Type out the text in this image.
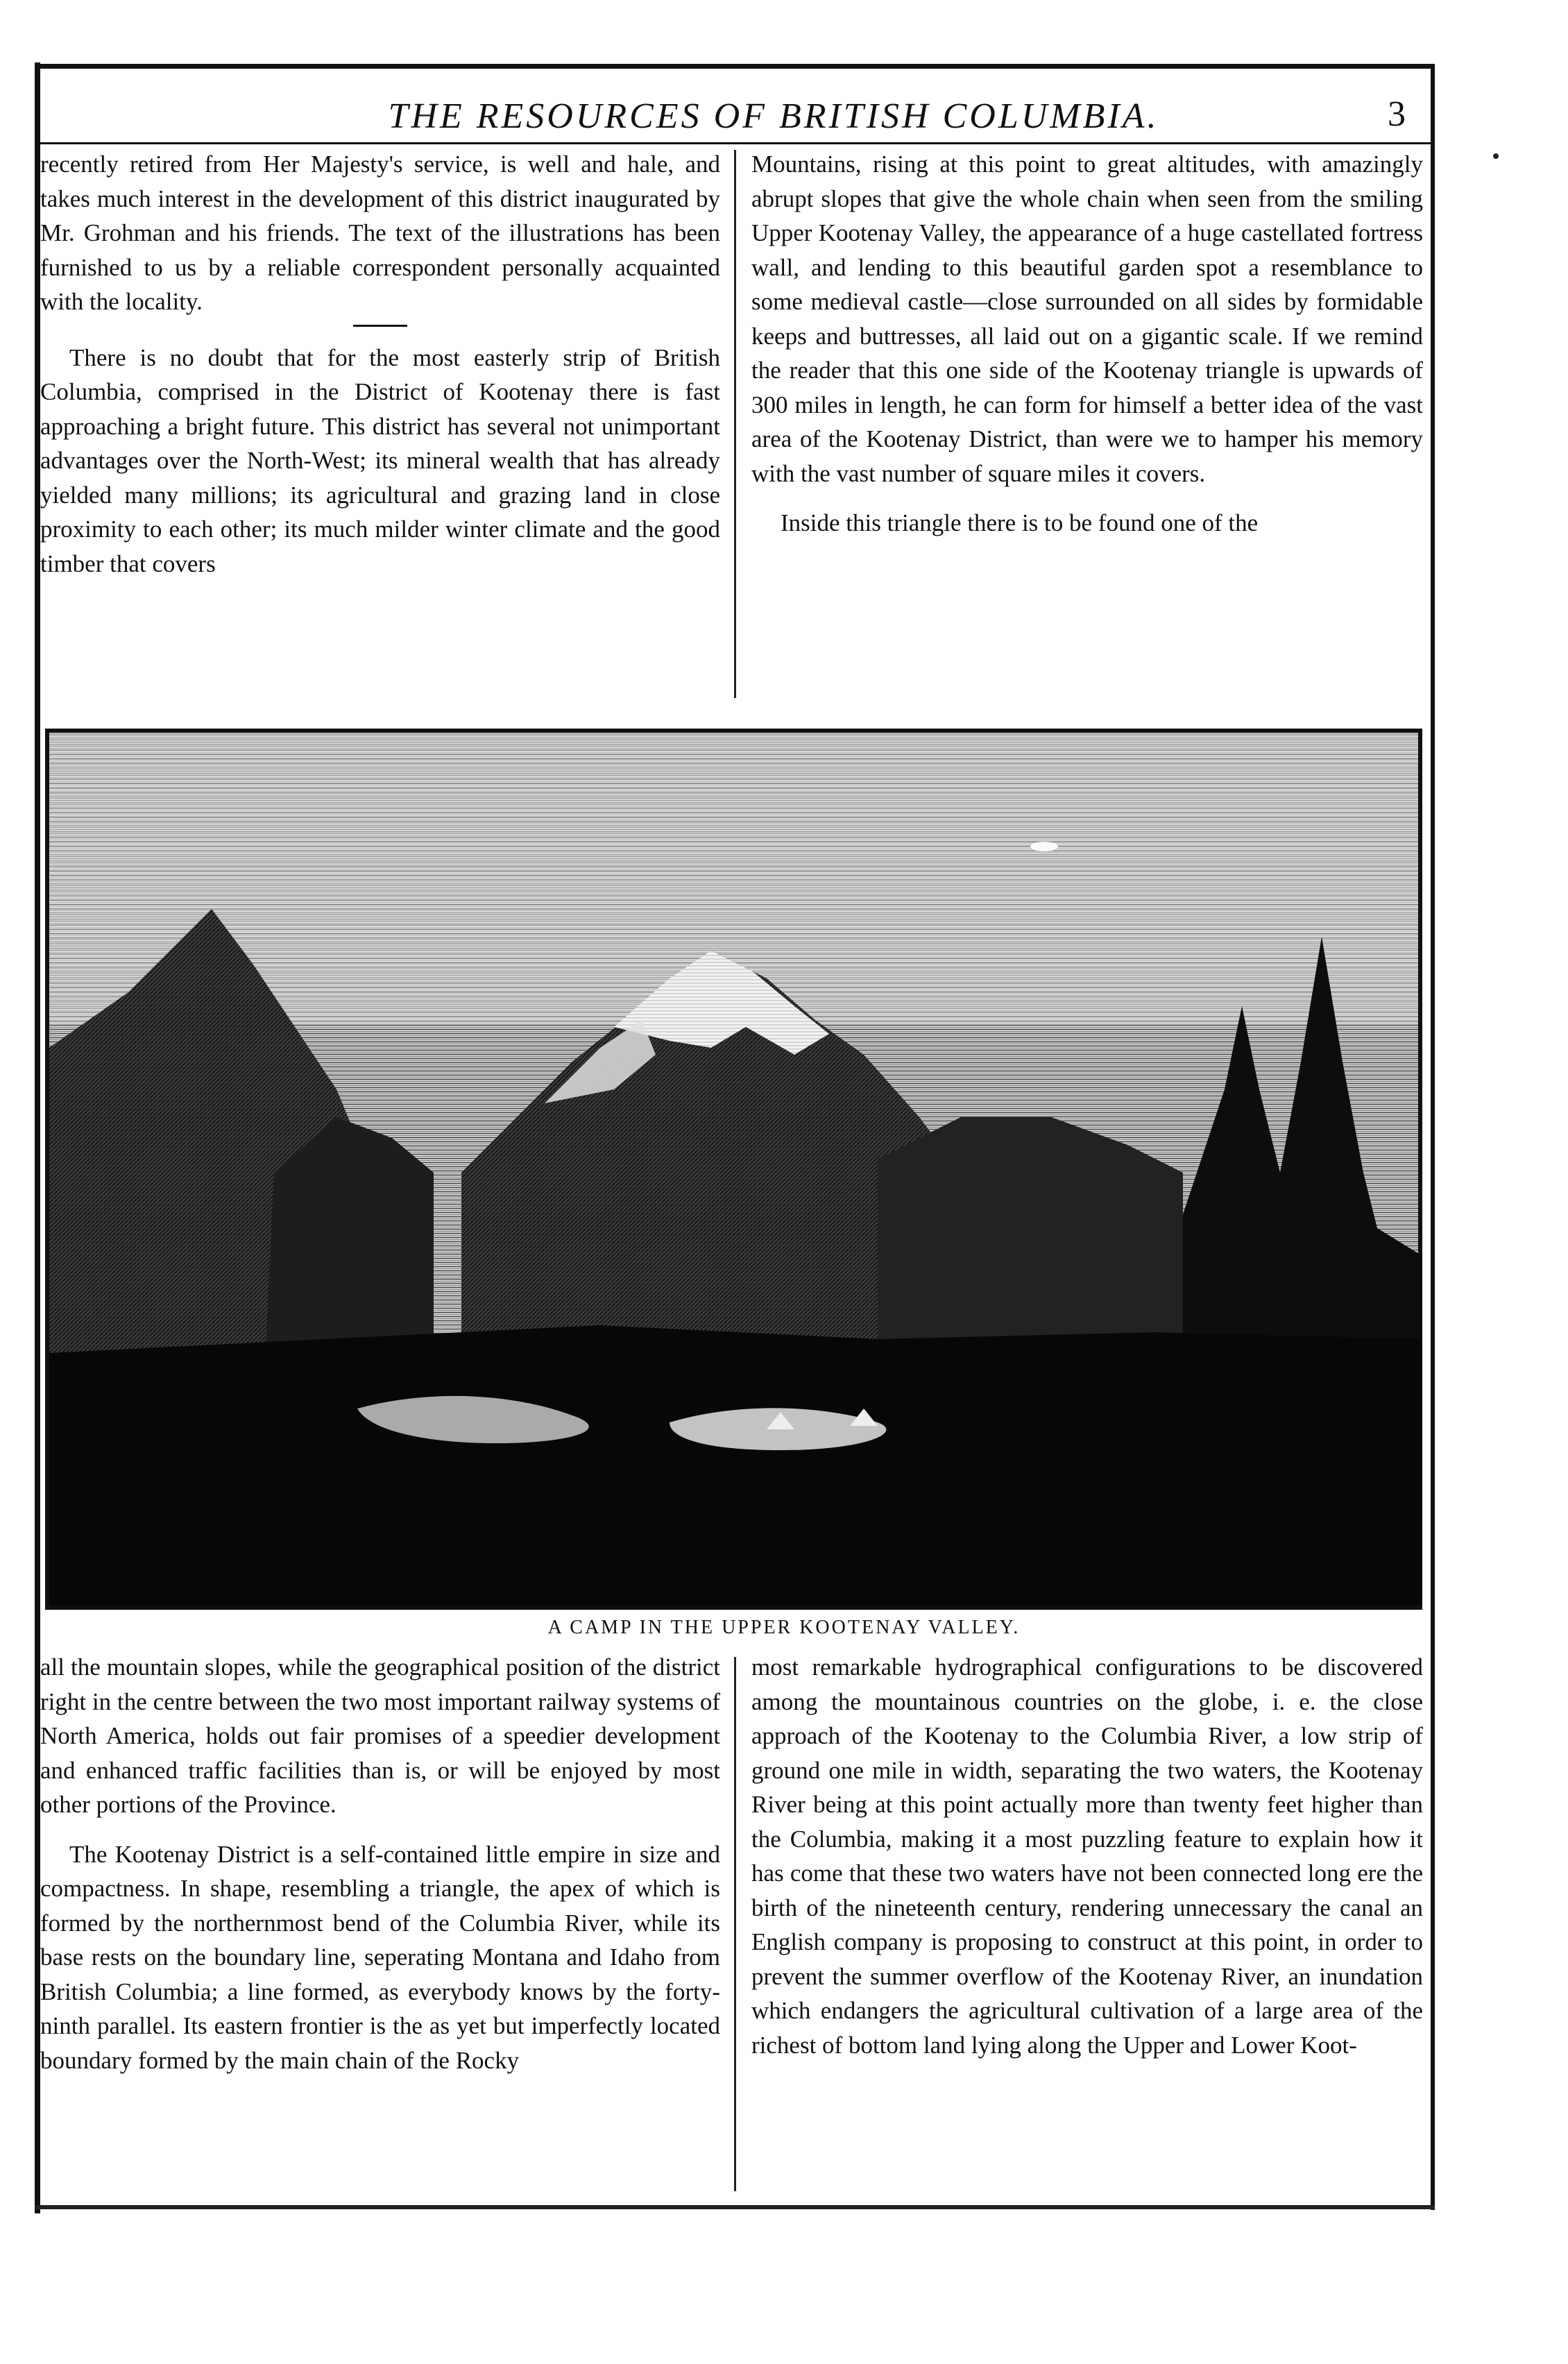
THE RESOURCES OF BRITISH COLUMBIA.	3

recently retired from Her Majesty's service, is well and hale, and takes much interest in the development of this district inaugurated by Mr. Grohman and his friends. The text of the illustrations has been furnished to us by a reliable correspondent personally acquainted with the locality.

There is no doubt that for the most easterly strip of British Columbia, comprised in the District of Kootenay there is fast approaching a bright future. This district has several not unimportant advantages over the North-West; its mineral wealth that has already yielded many millions; its agricultural and grazing land in close proximity to each other; its much milder winter climate and the good timber that covers

Mountains, rising at this point to great altitudes, with amazingly abrupt slopes that give the whole chain when seen from the smiling Upper Kootenay Valley, the appearance of a huge castellated fortress wall, and lending to this beautiful garden spot a resemblance to some medieval castle—close surrounded on all sides by formidable keeps and buttresses, all laid out on a gigantic scale. If we remind the reader that this one side of the Kootenay triangle is upwards of 300 miles in length, he can form for himself a better idea of the vast area of the Kootenay District, than were we to hamper his memory with the vast number of square miles it covers.

Inside this triangle there is to be found one of the

A CAMP IN THE UPPER KOOTENAY VALLEY.

all the mountain slopes, while the geographical position of the district right in the centre between the two most important railway systems of North America, holds out fair promises of a speedier development and enhanced traffic facilities than is, or will be enjoyed by most other portions of the Province.

The Kootenay District is a self-contained little empire in size and compactness. In shape, resembling a triangle, the apex of which is formed by the northernmost bend of the Columbia River, while its base rests on the boundary line, seperating Montana and Idaho from British Columbia; a line formed, as everybody knows by the forty-ninth parallel. Its eastern frontier is the as yet but imperfectly located boundary formed by the main chain of the Rocky

most remarkable hydrographical configurations to be discovered among the mountainous countries on the globe, i. e. the close approach of the Kootenay to the Columbia River, a low strip of ground one mile in width, separating the two waters, the Kootenay River being at this point actually more than twenty feet higher than the Columbia, making it a most puzzling feature to explain how it has come that these two waters have not been connected long ere the birth of the nineteenth century, rendering unnecessary the canal an English company is proposing to construct at this point, in order to prevent the summer overflow of the Kootenay River, an inundation which endangers the agricultural cultivation of a large area of the richest of bottom land lying along the Upper and Lower Koot-
